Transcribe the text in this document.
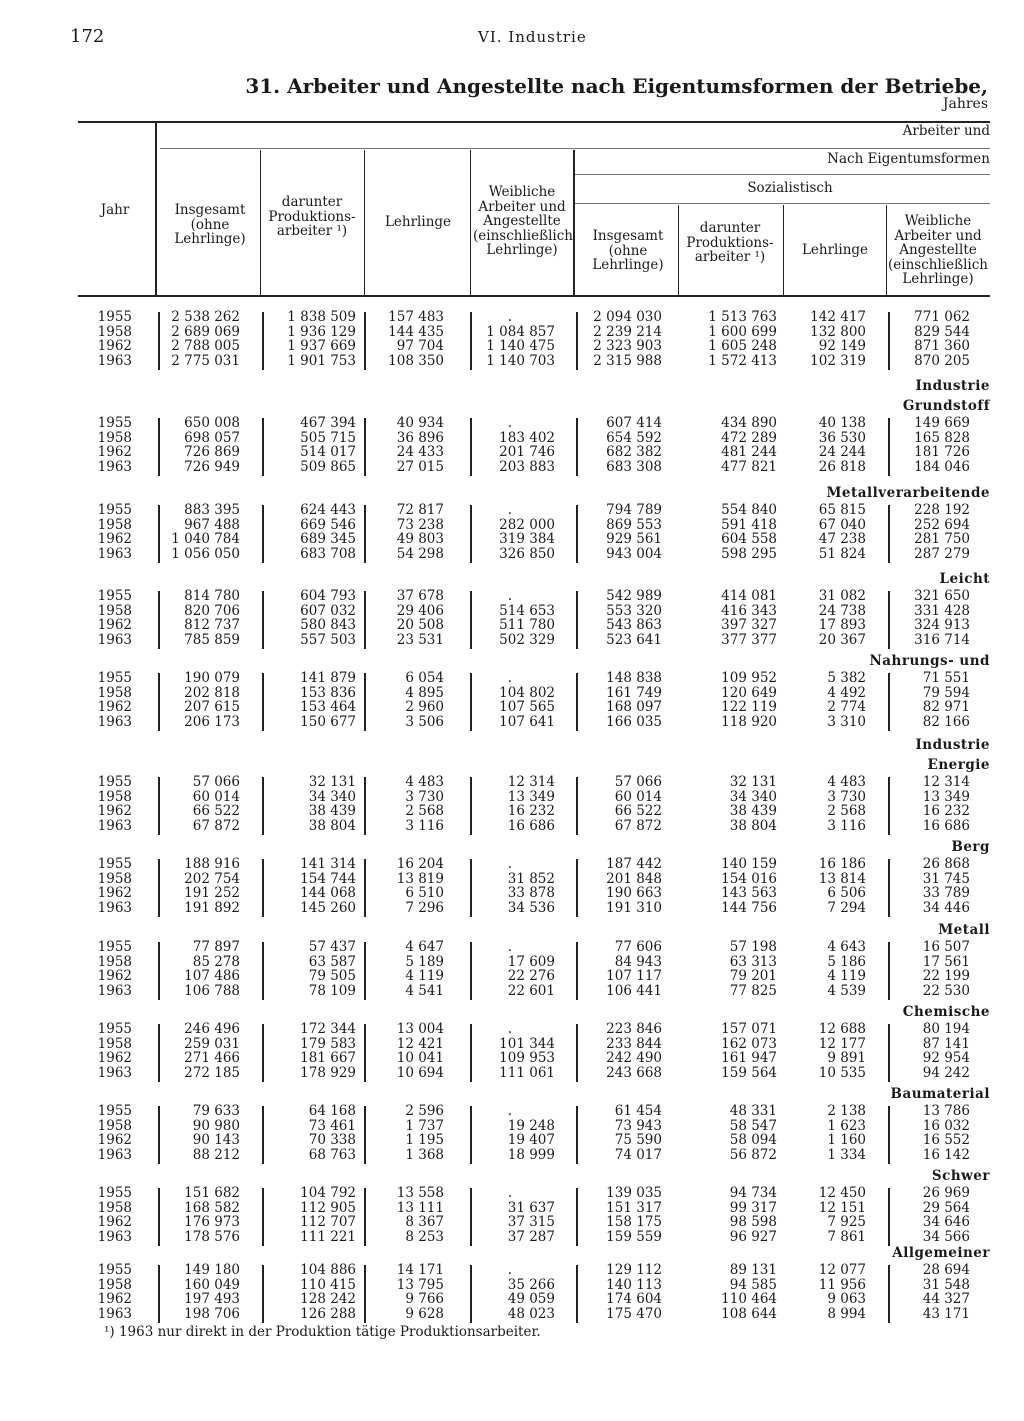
172	VI. Industrie
31. Arbeiter und Angestellte nach Eigentumsformen der Betriebe,
Jahres
Jahr
Arbeiter und
Nach Eigentumsformen
Sozialistisch
Insgesamt (ohne Lehrlinge)
darunter Produktions-arbeiter ¹)
Lehrlinge
Weibliche Arbeiter und Angestellte (einschließlich Lehrlinge)
Insgesamt (ohne Lehrlinge)
darunter Produktions-arbeiter ¹)	Lehrlinge
Weibliche Arbeiter und Angestellte (einschließlich Lehrlinge)
1955	2 538 262	1 838 509	157 483	.	2 094 030	1 513 763	142 417	771 062
1958	2 689 069	1 936 129	144 435	1 084 857	2 239 214	1 600 699	132 800	829 544
1962	2 788 005	1 937 669	97 704	1 140 475	2 323 903	1 605 248	92 149	871 360
1963	2 775 031	1 901 753	108 350	1 140 703	2 315 988	1 572 413	102 319	870 205
Industrie
Grundstoff
1955	650 008	467 394	40 934	.	607 414	434 890	40 138	149 669
1958	698 057	505 715	36 896	183 402	654 592	472 289	36 530	165 828
1962	726 869	514 017	24 433	201 746	682 382	481 244	24 244	181 726
1963	726 949	509 865	27 015	203 883	683 308	477 821	26 818	184 046
Metallverarbeitende
1955	883 395	624 443	72 817	.	794 789	554 840	65 815	228 192
1958	967 488	669 546	73 238	282 000	869 553	591 418	67 040	252 694
1962	1 040 784	689 345	49 803	319 384	929 561	604 558	47 238	281 750
1963	1 056 050	683 708	54 298	326 850	943 004	598 295	51 824	287 279
Leicht
1955	814 780	604 793	37 678	.	542 989	414 081	31 082	321 650
1958	820 706	607 032	29 406	514 653	553 320	416 343	24 738	331 428
1962	812 737	580 843	20 508	511 780	543 863	397 327	17 893	324 913
1963	785 859	557 503	23 531	502 329	523 641	377 377	20 367	316 714
Nahrungs- und
1955	190 079	141 879	6 054	.	148 838	109 952	5 382	71 551
1958	202 818	153 836	4 895	104 802	161 749	120 649	4 492	79 594
1962	207 615	153 464	2 960	107 565	168 097	122 119	2 774	82 971
1963	206 173	150 677	3 506	107 641	166 035	118 920	3 310	82 166
Industrie
Energie
1955	57 066	32 131	4 483	12 314	57 066	32 131	4 483	12 314
1958	60 014	34 340	3 730	13 349	60 014	34 340	3 730	13 349
1962	66 522	38 439	2 568	16 232	66 522	38 439	2 568	16 232
1963	67 872	38 804	3 116	16 686	67 872	38 804	3 116	16 686
Berg
1955	188 916	141 314	16 204	.	187 442	140 159	16 186	26 868
1958	202 754	154 744	13 819	31 852	201 848	154 016	13 814	31 745
1962	191 252	144 068	6 510	33 878	190 663	143 563	6 506	33 789
1963	191 892	145 260	7 296	34 536	191 310	144 756	7 294	34 446
Metall
1955	77 897	57 437	4 647	.	77 606	57 198	4 643	16 507
1958	85 278	63 587	5 189	17 609	84 943	63 313	5 186	17 561
1962	107 486	79 505	4 119	22 276	107 117	79 201	4 119	22 199
1963	106 788	78 109	4 541	22 601	106 441	77 825	4 539	22 530
Chemische
1955	246 496	172 344	13 004	.	223 846	157 071	12 688	80 194
1958	259 031	179 583	12 421	101 344	233 844	162 073	12 177	87 141
1962	271 466	181 667	10 041	109 953	242 490	161 947	9 891	92 954
1963	272 185	178 929	10 694	111 061	243 668	159 564	10 535	94 242
Baumaterial
1955	79 633	64 168	2 596	.	61 454	48 331	2 138	13 786
1958	90 980	73 461	1 737	19 248	73 943	58 547	1 623	16 032
1962	90 143	70 338	1 195	19 407	75 590	58 094	1 160	16 552
1963	88 212	68 763	1 368	18 999	74 017	56 872	1 334	16 142
Schwer
1955	151 682	104 792	13 558	.	139 035	94 734	12 450	26 969
1958	168 582	112 905	13 111	31 637	151 317	99 317	12 151	29 564
1962	176 973	112 707	8 367	37 315	158 175	98 598	7 925	34 646
1963	178 576	111 221	8 253	37 287	159 559	96 927	7 861	34 566
Allgemeiner
1955	149 180	104 886	14 171	.	129 112	89 131	12 077	28 694
1958	160 049	110 415	13 795	35 266	140 113	94 585	11 956	31 548
1962	197 493	128 242	9 766	49 059	174 604	110 464	9 063	44 327
1963	198 706	126 288	9 628	48 023	175 470	108 644	8 994	43 171
¹) 1963 nur direkt in der Produktion tätige Produktionsarbeiter.
